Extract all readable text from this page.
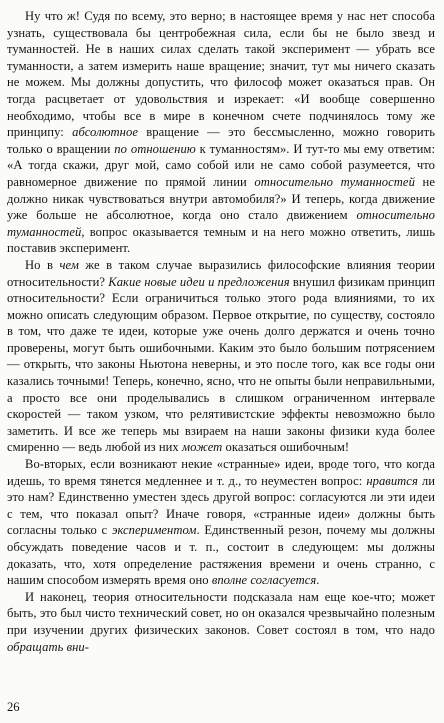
Ну что ж! Судя по всему, это верно; в настоящее время у нас нет способа узнать, существовала бы центробежная сила, если бы не было звезд и туманностей. Не в наших силах сделать такой эксперимент — убрать все туманности, а затем измерить наше вращение; значит, тут мы ничего сказать не можем. Мы должны допустить, что философ может оказаться прав. Он тогда расцветает от удовольствия и изрекает: «И вообще совершенно необходимо, чтобы все в мире в конечном счете подчинялось тому же принципу: абсолютное вращение — это бессмысленно, можно говорить только о вращении по отношению к туманностям». И тут-то мы ему ответим: «А тогда скажи, друг мой, само собой или не само собой разумеется, что равномерное движение по прямой линии относительно туманностей не должно никак чувствоваться внутри автомобиля?» И теперь, когда движение уже больше не абсолютное, когда оно стало движением относительно туманностей, вопрос оказывается темным и на него можно ответить, лишь поставив эксперимент.

Но в чем же в таком случае выразились философские влияния теории относительности? Какие новые идеи и предложения внушил физикам принцип относительности? Если ограничиться только этого рода влияниями, то их можно описать следующим образом. Первое открытие, по существу, состояло в том, что даже те идеи, которые уже очень долго держатся и очень точно проверены, могут быть ошибочными. Каким это было большим потрясением — открыть, что законы Ньютона неверны, и это после того, как все годы они казались точными! Теперь, конечно, ясно, что не опыты были неправильными, а просто все они проделывались в слишком ограниченном интервале скоростей — таком узком, что релятивистские эффекты невозможно было заметить. И все же теперь мы взираем на наши законы физики куда более смиренно — ведь любой из них может оказаться ошибочным!

Во-вторых, если возникают некие «странные» идеи, вроде того, что когда идешь, то время тянется медленнее и т. д., то неуместен вопрос: нравится ли это нам? Единственно уместен здесь другой вопрос: согласуются ли эти идеи с тем, что показал опыт? Иначе говоря, «странные идеи» должны быть согласны только с экспериментом. Единственный резон, почему мы должны обсуждать поведение часов и т. п., состоит в следующем: мы должны доказать, что, хотя определение растяжения времени и очень странно, с нашим способом измерять время оно вполне согласуется.

И наконец, теория относительности подсказала нам еще кое-что; может быть, это был чисто технический совет, но он оказался чрезвычайно полезным при изучении других физических законов. Совет состоял в том, что надо обращать вни-

26
